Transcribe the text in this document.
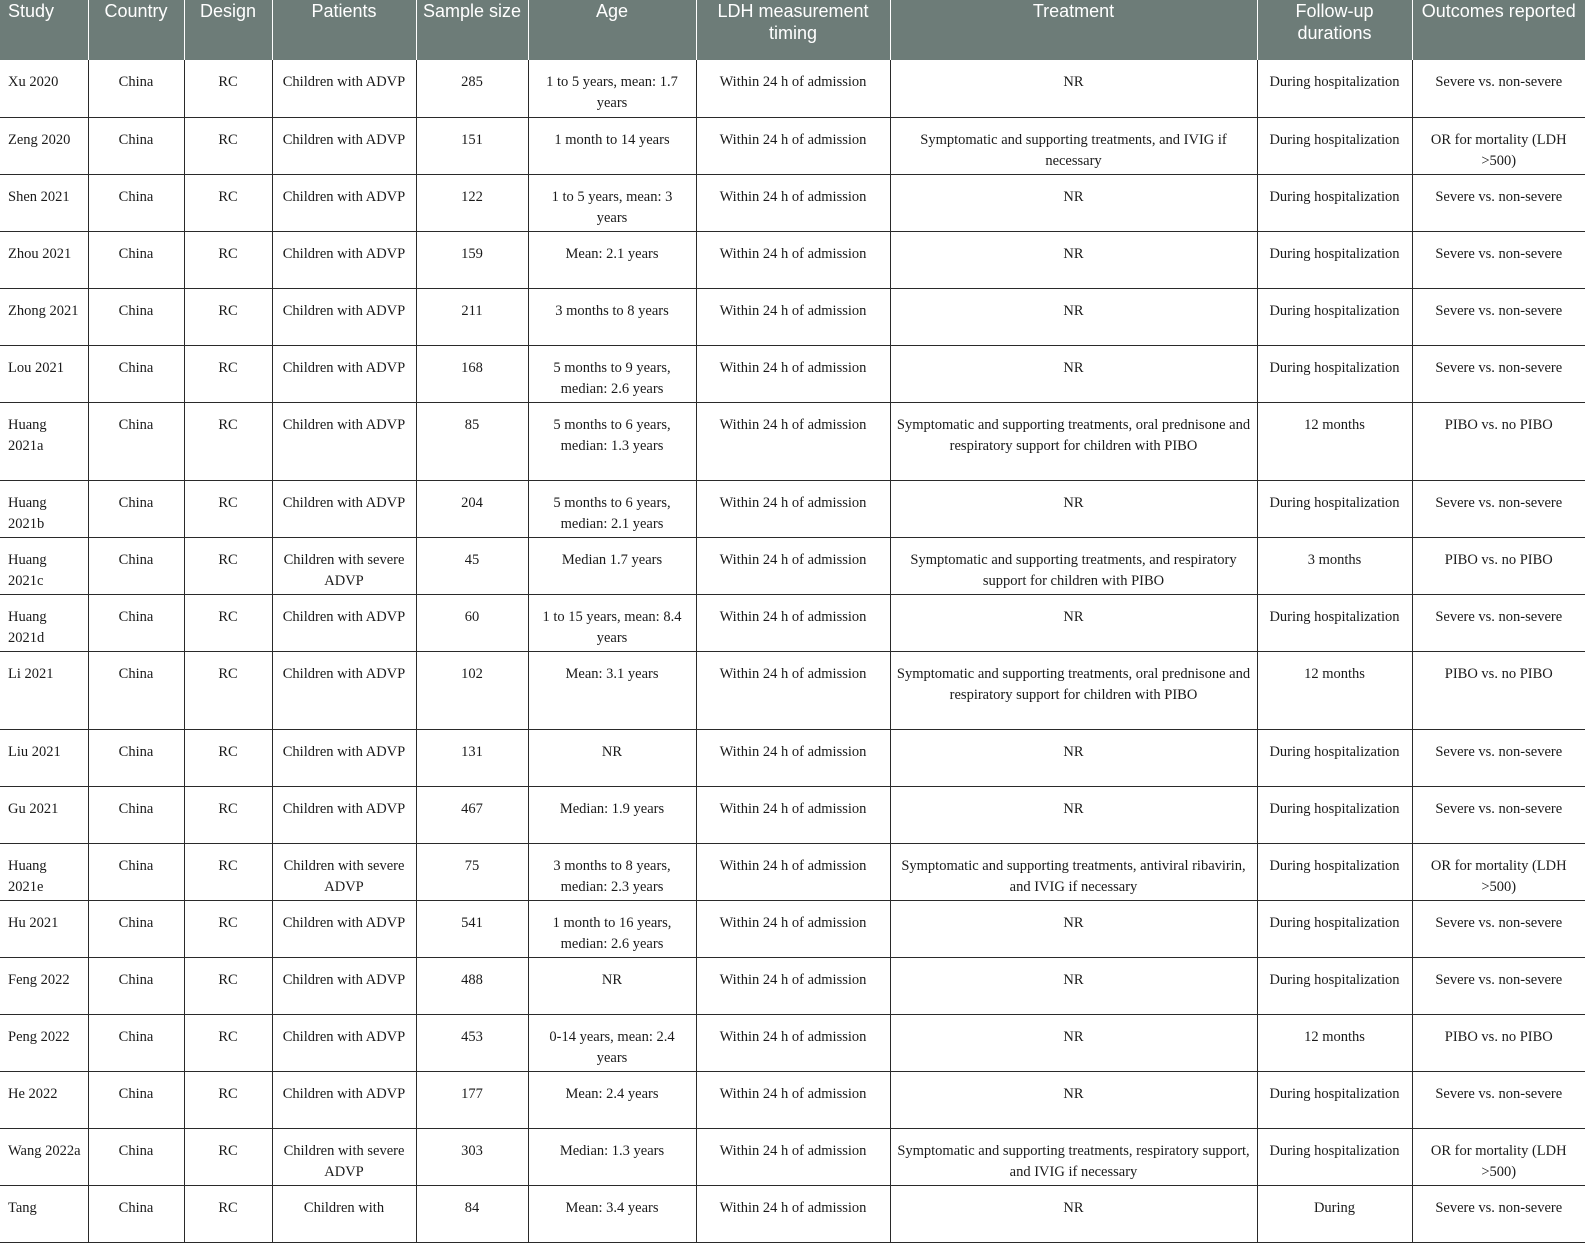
Study	Country	Design	Patients	Sample size	Age	LDH measurement timing	Treatment	Follow-up durations	Outcomes reported
Xu 2020	China	RC	Children with ADVP	285	1 to 5 years, mean: 1.7 years	Within 24 h of admission	NR	During hospitalization	Severe vs. non-severe
Zeng 2020	China	RC	Children with ADVP	151	1 month to 14 years	Within 24 h of admission	Symptomatic and supporting treatments, and IVIG if necessary	During hospitalization	OR for mortality (LDH >500)
Shen 2021	China	RC	Children with ADVP	122	1 to 5 years, mean: 3 years	Within 24 h of admission	NR	During hospitalization	Severe vs. non-severe
Zhou 2021	China	RC	Children with ADVP	159	Mean: 2.1 years	Within 24 h of admission	NR	During hospitalization	Severe vs. non-severe
Zhong 2021	China	RC	Children with ADVP	211	3 months to 8 years	Within 24 h of admission	NR	During hospitalization	Severe vs. non-severe
Lou 2021	China	RC	Children with ADVP	168	5 months to 9 years, median: 2.6 years	Within 24 h of admission	NR	During hospitalization	Severe vs. non-severe
Huang 2021a	China	RC	Children with ADVP	85	5 months to 6 years, median: 1.3 years	Within 24 h of admission	Symptomatic and supporting treatments, oral prednisone and respiratory support for children with PIBO	12 months	PIBO vs. no PIBO
Huang 2021b	China	RC	Children with ADVP	204	5 months to 6 years, median: 2.1 years	Within 24 h of admission	NR	During hospitalization	Severe vs. non-severe
Huang 2021c	China	RC	Children with severe ADVP	45	Median 1.7 years	Within 24 h of admission	Symptomatic and supporting treatments, and respiratory support for children with PIBO	3 months	PIBO vs. no PIBO
Huang 2021d	China	RC	Children with ADVP	60	1 to 15 years, mean: 8.4 years	Within 24 h of admission	NR	During hospitalization	Severe vs. non-severe
Li 2021	China	RC	Children with ADVP	102	Mean: 3.1 years	Within 24 h of admission	Symptomatic and supporting treatments, oral prednisone and respiratory support for children with PIBO	12 months	PIBO vs. no PIBO
Liu 2021	China	RC	Children with ADVP	131	NR	Within 24 h of admission	NR	During hospitalization	Severe vs. non-severe
Gu 2021	China	RC	Children with ADVP	467	Median: 1.9 years	Within 24 h of admission	NR	During hospitalization	Severe vs. non-severe
Huang 2021e	China	RC	Children with severe ADVP	75	3 months to 8 years, median: 2.3 years	Within 24 h of admission	Symptomatic and supporting treatments, antiviral ribavirin, and IVIG if necessary	During hospitalization	OR for mortality (LDH >500)
Hu 2021	China	RC	Children with ADVP	541	1 month to 16 years, median: 2.6 years	Within 24 h of admission	NR	During hospitalization	Severe vs. non-severe
Feng 2022	China	RC	Children with ADVP	488	NR	Within 24 h of admission	NR	During hospitalization	Severe vs. non-severe
Peng 2022	China	RC	Children with ADVP	453	0-14 years, mean: 2.4 years	Within 24 h of admission	NR	12 months	PIBO vs. no PIBO
He 2022	China	RC	Children with ADVP	177	Mean: 2.4 years	Within 24 h of admission	NR	During hospitalization	Severe vs. non-severe
Wang 2022a	China	RC	Children with severe ADVP	303	Median: 1.3 years	Within 24 h of admission	Symptomatic and supporting treatments, respiratory support, and IVIG if necessary	During hospitalization	OR for mortality (LDH >500)
Tang	China	RC	Children with	84	Mean: 3.4 years	Within 24 h of admission	NR	During	Severe vs. non-severe
